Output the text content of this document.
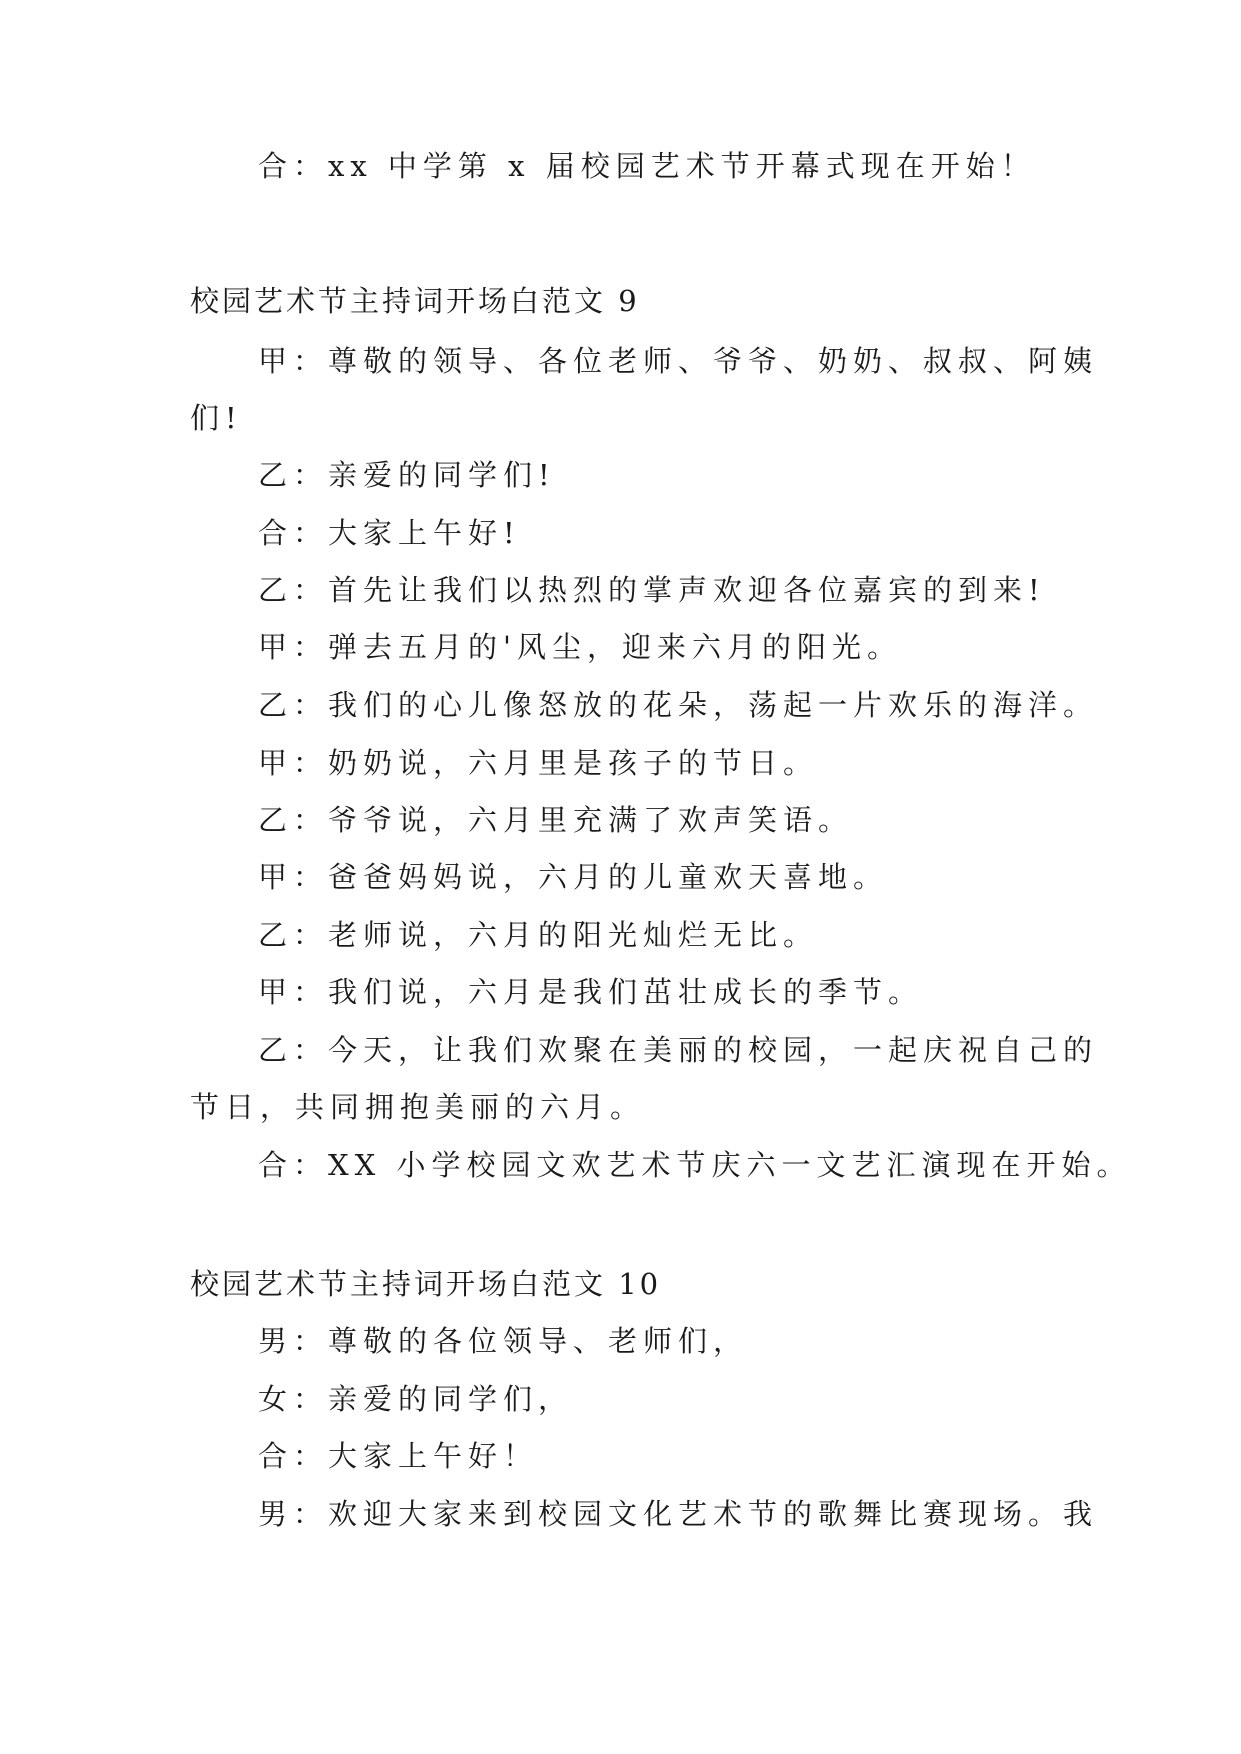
合：xx 中学第 x 届校园艺术节开幕式现在开始！
校园艺术节主持词开场白范文 9
甲：尊敬的领导、各位老师、爷爷、奶奶、叔叔、阿姨
们!
乙：亲爱的同学们!
合：大家上午好!
乙：首先让我们以热烈的掌声欢迎各位嘉宾的到来!
甲：弹去五月的'风尘，迎来六月的阳光。
乙：我们的心儿像怒放的花朵，荡起一片欢乐的海洋。
甲：奶奶说，六月里是孩子的节日。
乙：爷爷说，六月里充满了欢声笑语。
甲：爸爸妈妈说，六月的儿童欢天喜地。
乙：老师说，六月的阳光灿烂无比。
甲：我们说，六月是我们茁壮成长的季节。
乙：今天，让我们欢聚在美丽的校园，一起庆祝自己的
节日，共同拥抱美丽的六月。
合：XX 小学校园文欢艺术节庆六一文艺汇演现在开始。
校园艺术节主持词开场白范文 10
男：尊敬的各位领导、老师们，
女：亲爱的同学们，
合：大家上午好！
男：欢迎大家来到校园文化艺术节的歌舞比赛现场。我
